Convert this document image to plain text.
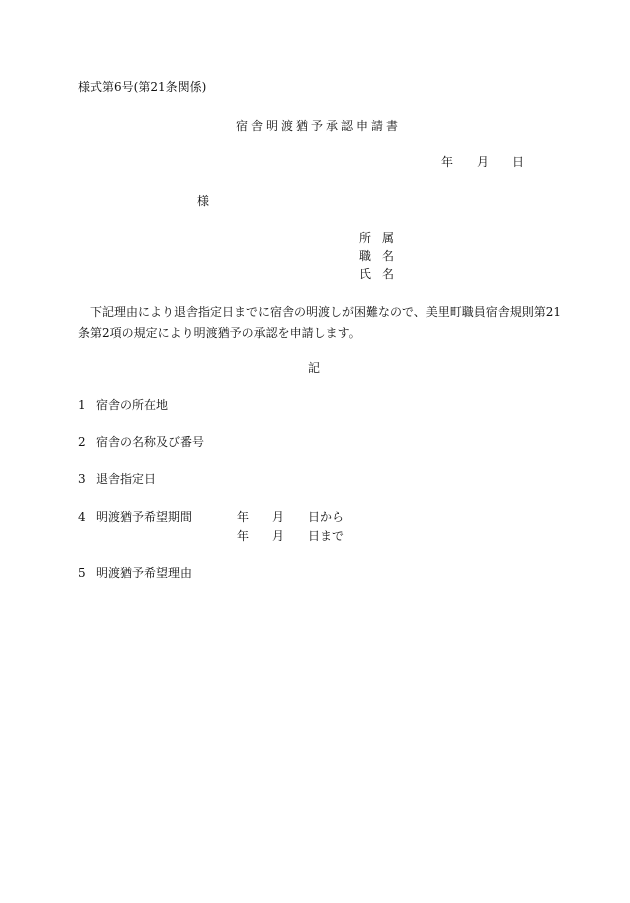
様式第6号(第21条関係)
宿舎明渡猶予承認申請書
年 月 日
様
所 属
職 名
氏 名
下記理由により退舎指定日までに宿舎の明渡しが困難なので、美里町職員宿舎規則第21
条第2項の規定により明渡猶予の承認を申請します。
記
1 宿舎の所在地
2 宿舎の名称及び番号
3 退舎指定日
4 明渡猶予希望期間	年 月 日から
年 月 日まで
5 明渡猶予希望理由
